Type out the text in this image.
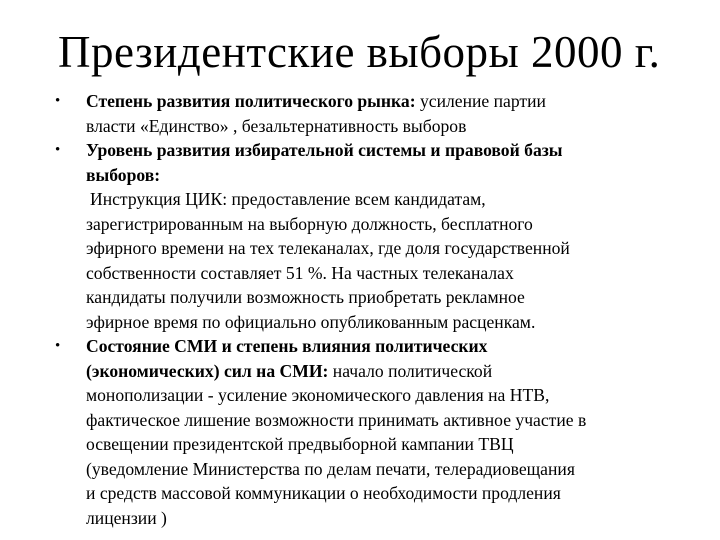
Президентские выборы 2000 г.
• Степень развития политического рынка: усиление партии
власти «Единство» , безальтернативность выборов
• Уровень развития избирательной системы и правовой базы
выборов:
Инструкция ЦИК: предоставление всем кандидатам,
зарегистрированным на выборную должность, бесплатного
эфирного времени на тех телеканалах, где доля государственной
собственности составляет 51 %. На частных телеканалах
кандидаты получили возможность приобретать рекламное
эфирное время по официально опубликованным расценкам.
• Состояние СМИ и степень влияния политических
(экономических) сил на СМИ: начало политической
монополизации - усиление экономического давления на НТВ,
фактическое лишение возможности принимать активное участие в
освещении президентской предвыборной кампании ТВЦ
(уведомление Министерства по делам печати, телерадиовещания
и средств массовой коммуникации о необходимости продления
лицензии )
